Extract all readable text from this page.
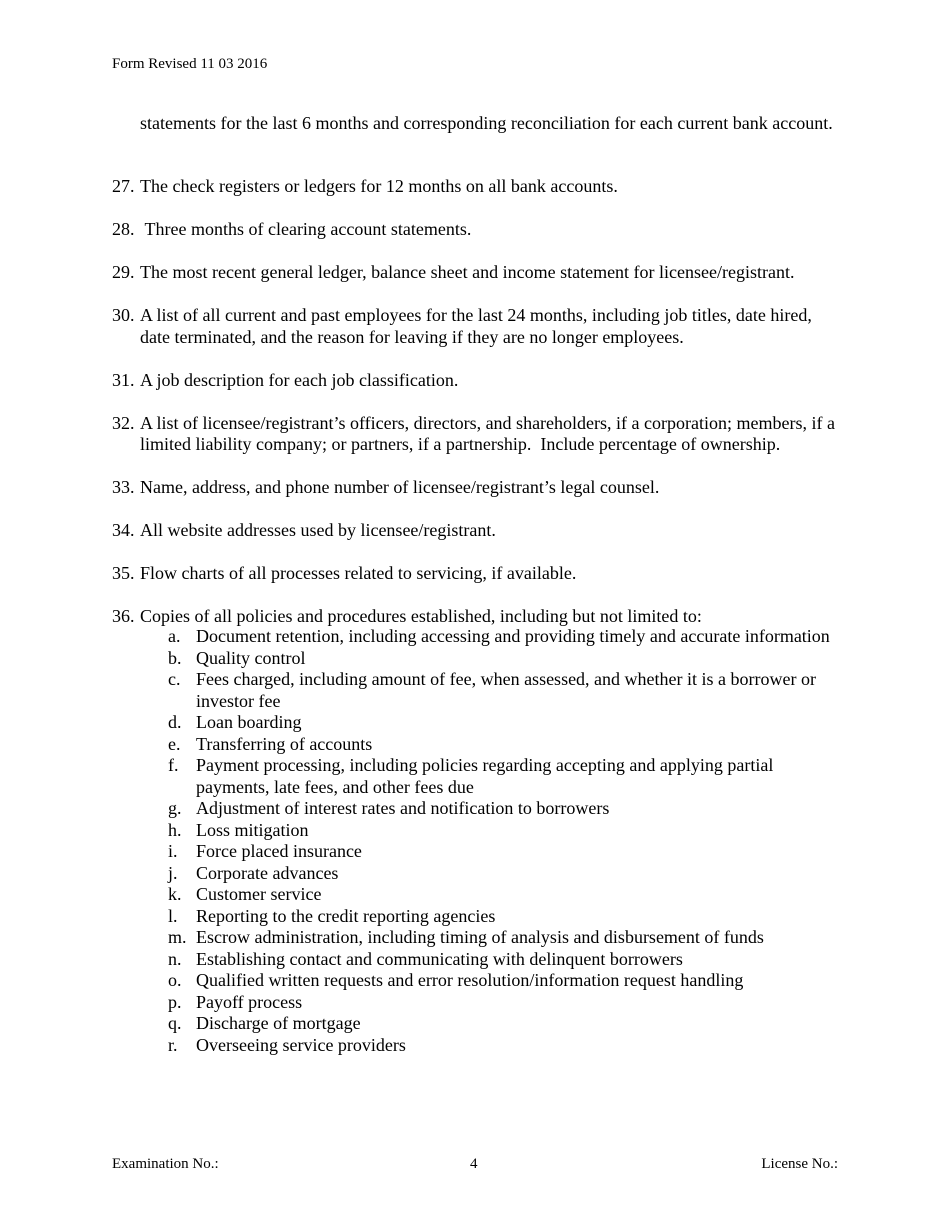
Form Revised 11 03 2016
statements for the last 6 months and corresponding reconciliation for each current bank account.
27. The check registers or ledgers for 12 months on all bank accounts.
28. Three months of clearing account statements.
29. The most recent general ledger, balance sheet and income statement for licensee/registrant.
30. A list of all current and past employees for the last 24 months, including job titles, date hired, date terminated, and the reason for leaving if they are no longer employees.
31. A job description for each job classification.
32. A list of licensee/registrant’s officers, directors, and shareholders, if a corporation; members, if a limited liability company; or partners, if a partnership.  Include percentage of ownership.
33. Name, address, and phone number of licensee/registrant’s legal counsel.
34. All website addresses used by licensee/registrant.
35. Flow charts of all processes related to servicing, if available.
36. Copies of all policies and procedures established, including but not limited to:
a. Document retention, including accessing and providing timely and accurate information
b. Quality control
c. Fees charged, including amount of fee, when assessed, and whether it is a borrower or investor fee
d. Loan boarding
e. Transferring of accounts
f. Payment processing, including policies regarding accepting and applying partial payments, late fees, and other fees due
g. Adjustment of interest rates and notification to borrowers
h. Loss mitigation
i.	Force placed insurance
j.	Corporate advances
k. Customer service
l.	Reporting to the credit reporting agencies
m. Escrow administration, including timing of analysis and disbursement of funds
n. Establishing contact and communicating with delinquent borrowers
o. Qualified written requests and error resolution/information request handling
p. Payoff process
q. Discharge of mortgage
r.	Overseeing service providers
Examination No.:	4	License No.:
